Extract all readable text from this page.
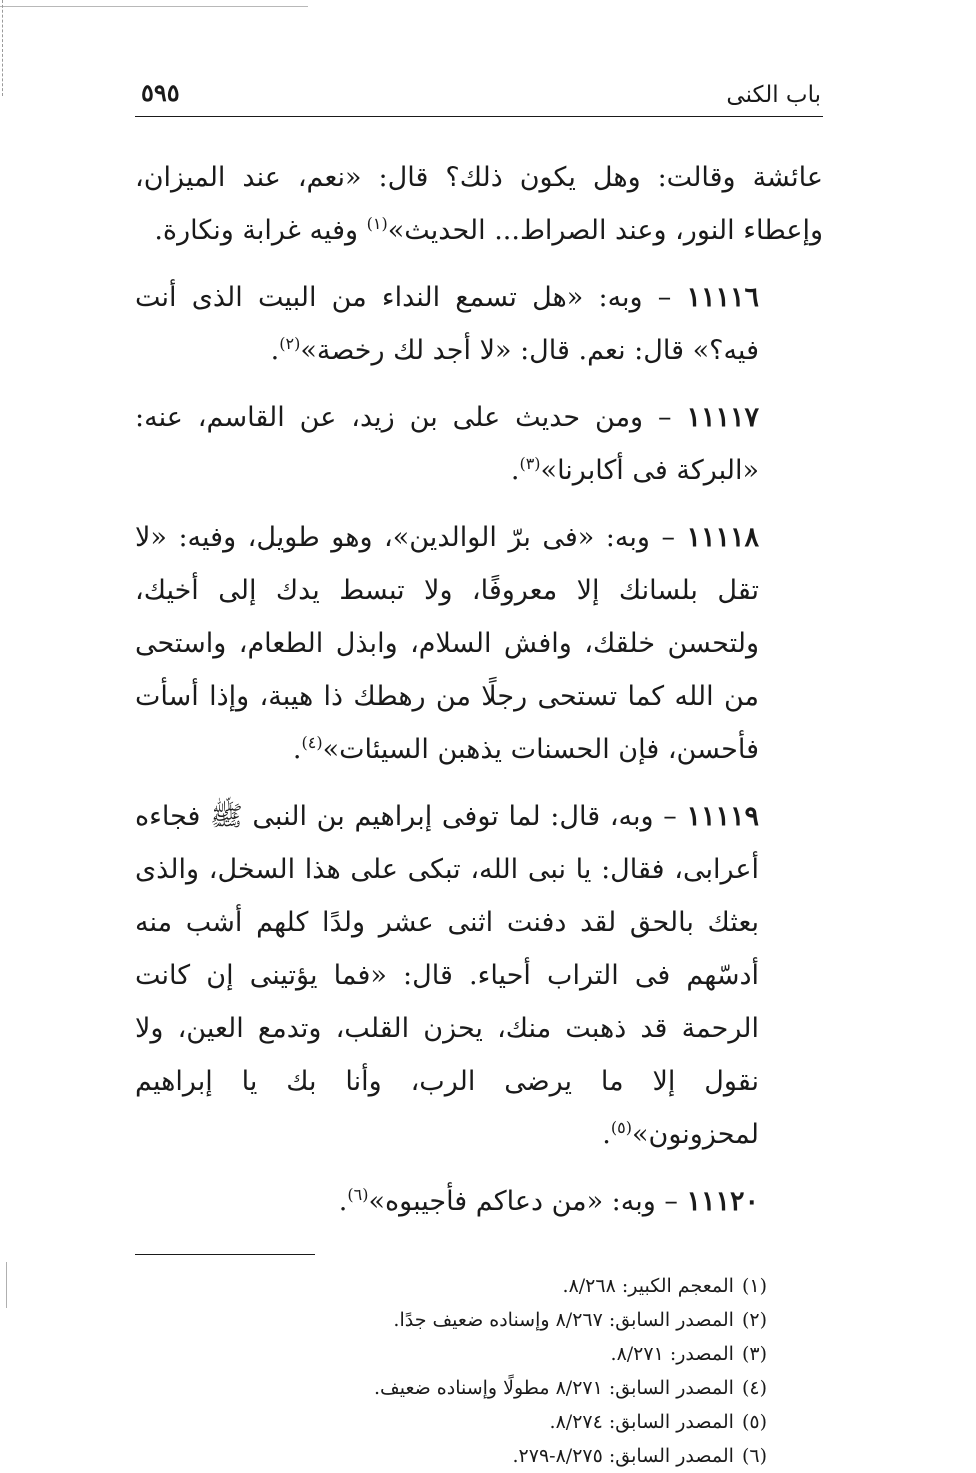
باب الكنى
٥٩٥

عائشة وقالت: وهل يكون ذلك؟ قال: «نعم، عند الميزان، وإعطاء النور، وعند الصراط... الحديث»$^{(١)}$ وفيه غرابة ونكارة.

١١١١٦ – وبه: «هل تسمع النداء من البيت الذى أنت فيه؟» قال: نعم. قال: «لا أجد لك رخصة»$^{(٢)}$.

١١١١٧ – ومن حديث على بن زيد، عن القاسم، عنه: «البركة فى أكابرنا»$^{(٣)}$.

١١١١٨ – وبه: «فى برّ الوالدين»، وهو طويل، وفيه: «لا تقل بلسانك إلا معروفًا، ولا تبسط يدك إلى أخيك، ولتحسن خلقك، وافش السلام، وابذل الطعام، واستحى من الله كما تستحى رجلًا من رهطك ذا هيبة، وإذا أسأت فأحسن، فإن الحسنات يذهبن السيئات»$^{(٤)}$.

١١١١٩ – وبه، قال: لما توفى إبراهيم بن النبى ﷺ فجاءه أعرابى، فقال: يا نبى الله، تبكى على هذا السخل، والذى بعثك بالحق لقد دفنت اثنى عشر ولدًا كلهم أشب منه أدسّهم فى التراب أحياء. قال: «فما يؤتينى إن كانت الرحمة قد ذهبت منك، يحزن القلب، وتدمع العين، ولا نقول إلا ما يرضى الرب، وأنا بك يا إبراهيم لمحزونون»$^{(٥)}$.

١١١٢٠ – وبه: «من دعاكم فأجيبوه»$^{(٦)}$.

(١)المعجم الكبير: ٨/٢٦٨.
(٢)المصدر السابق: ٨/٢٦٧ وإسناده ضعيف جدًا.
(٣)المصدر: ٨/٢٧١.
(٤)المصدر السابق: ٨/٢٧١ مطولًا وإسناده ضعيف.
(٥)المصدر السابق: ٨/٢٧٤.
(٦)المصدر السابق: ٨/٢٧٥-٢٧٩.
